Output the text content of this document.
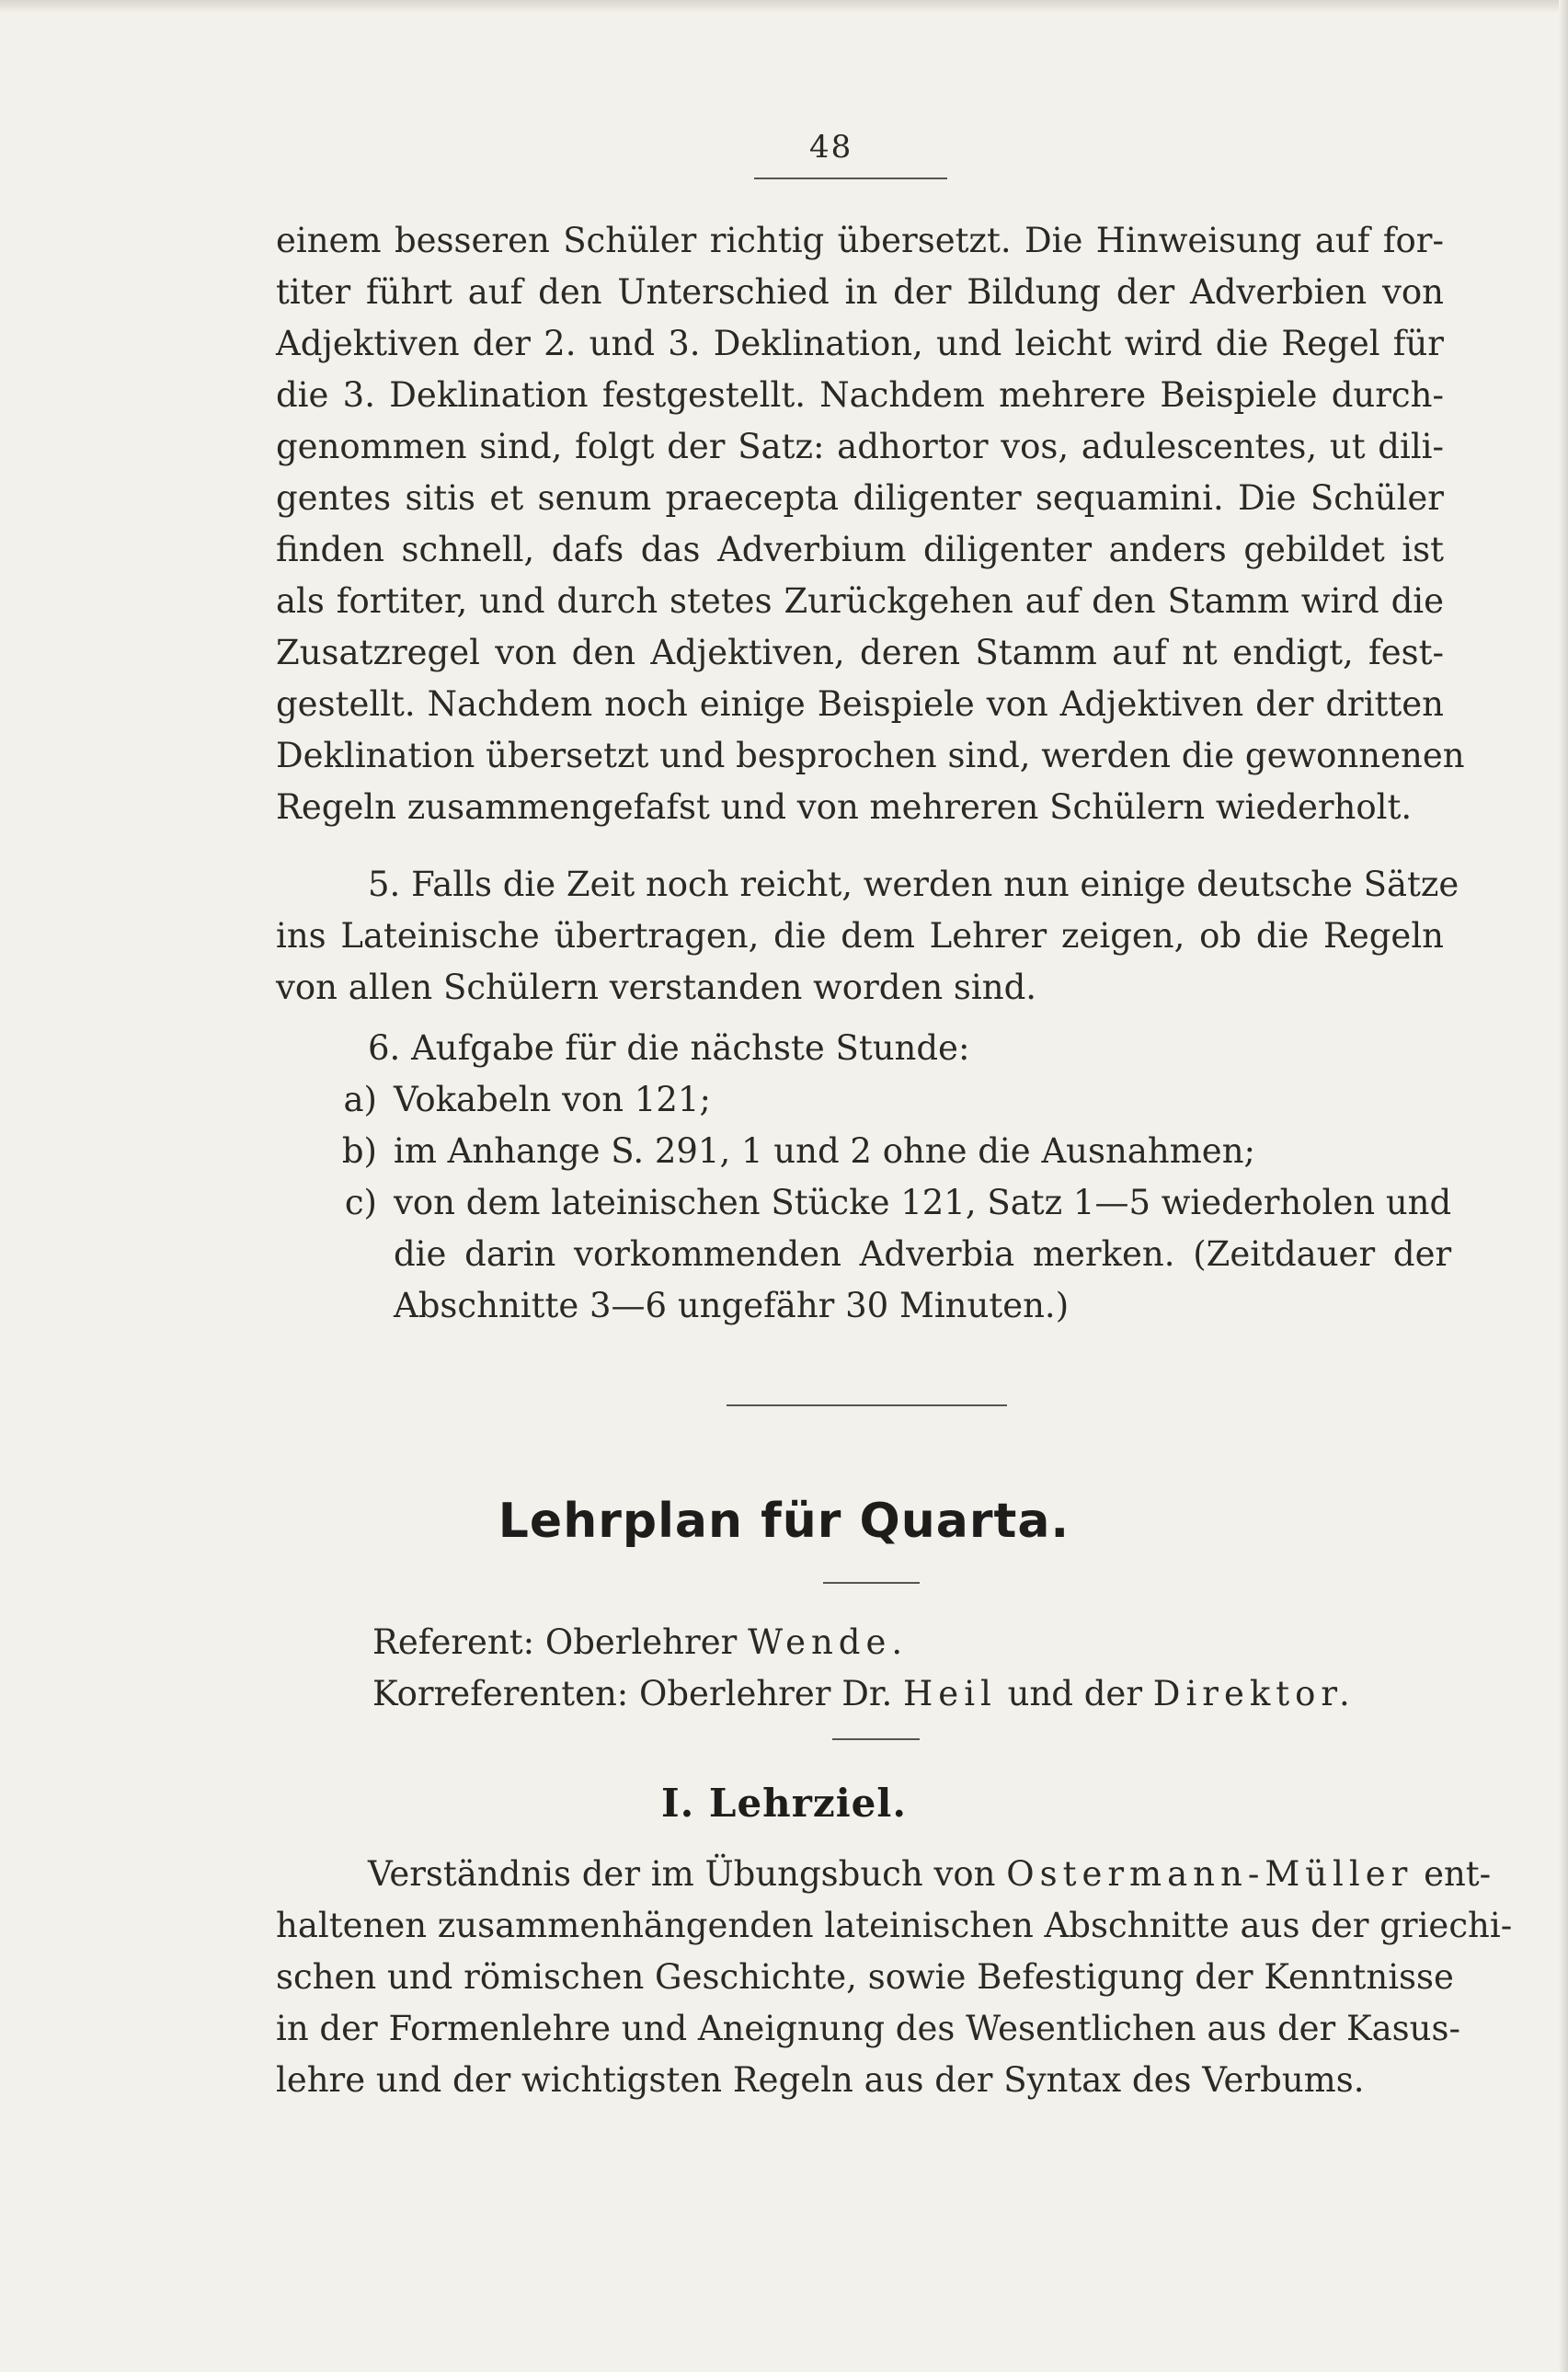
48
einem besseren Schüler richtig übersetzt. Die Hinweisung auf for-
titer führt auf den Unterschied in der Bildung der Adverbien von
Adjektiven der 2. und 3. Deklination, und leicht wird die Regel für
die 3. Deklination festgestellt. Nachdem mehrere Beispiele durch-
genommen sind, folgt der Satz: adhortor vos, adulescentes, ut dili-
gentes sitis et senum praecepta diligenter sequamini. Die Schüler
finden schnell, dafs das Adverbium diligenter anders gebildet ist
als fortiter, und durch stetes Zurückgehen auf den Stamm wird die
Zusatzregel von den Adjektiven, deren Stamm auf nt endigt, fest-
gestellt. Nachdem noch einige Beispiele von Adjektiven der dritten
Deklination übersetzt und besprochen sind, werden die gewonnenen
Regeln zusammengefafst und von mehreren Schülern wiederholt.
5. Falls die Zeit noch reicht, werden nun einige deutsche Sätze
ins Lateinische übertragen, die dem Lehrer zeigen, ob die Regeln
von allen Schülern verstanden worden sind.
6. Aufgabe für die nächste Stunde:
a) Vokabeln von 121;
b) im Anhange S. 291, 1 und 2 ohne die Ausnahmen;
c) von dem lateinischen Stücke 121, Satz 1—5 wiederholen und
die darin vorkommenden Adverbia merken. (Zeitdauer der
Abschnitte 3—6 ungefähr 30 Minuten.)
Lehrplan für Quarta.
Referent: Oberlehrer Wende.
Korreferenten: Oberlehrer Dr. Heil und der Direktor.
I. Lehrziel.
Verständnis der im Übungsbuch von Ostermann-Müller ent-
haltenen zusammenhängenden lateinischen Abschnitte aus der griechi-
schen und römischen Geschichte, sowie Befestigung der Kenntnisse
in der Formenlehre und Aneignung des Wesentlichen aus der Kasus-
lehre und der wichtigsten Regeln aus der Syntax des Verbums.
